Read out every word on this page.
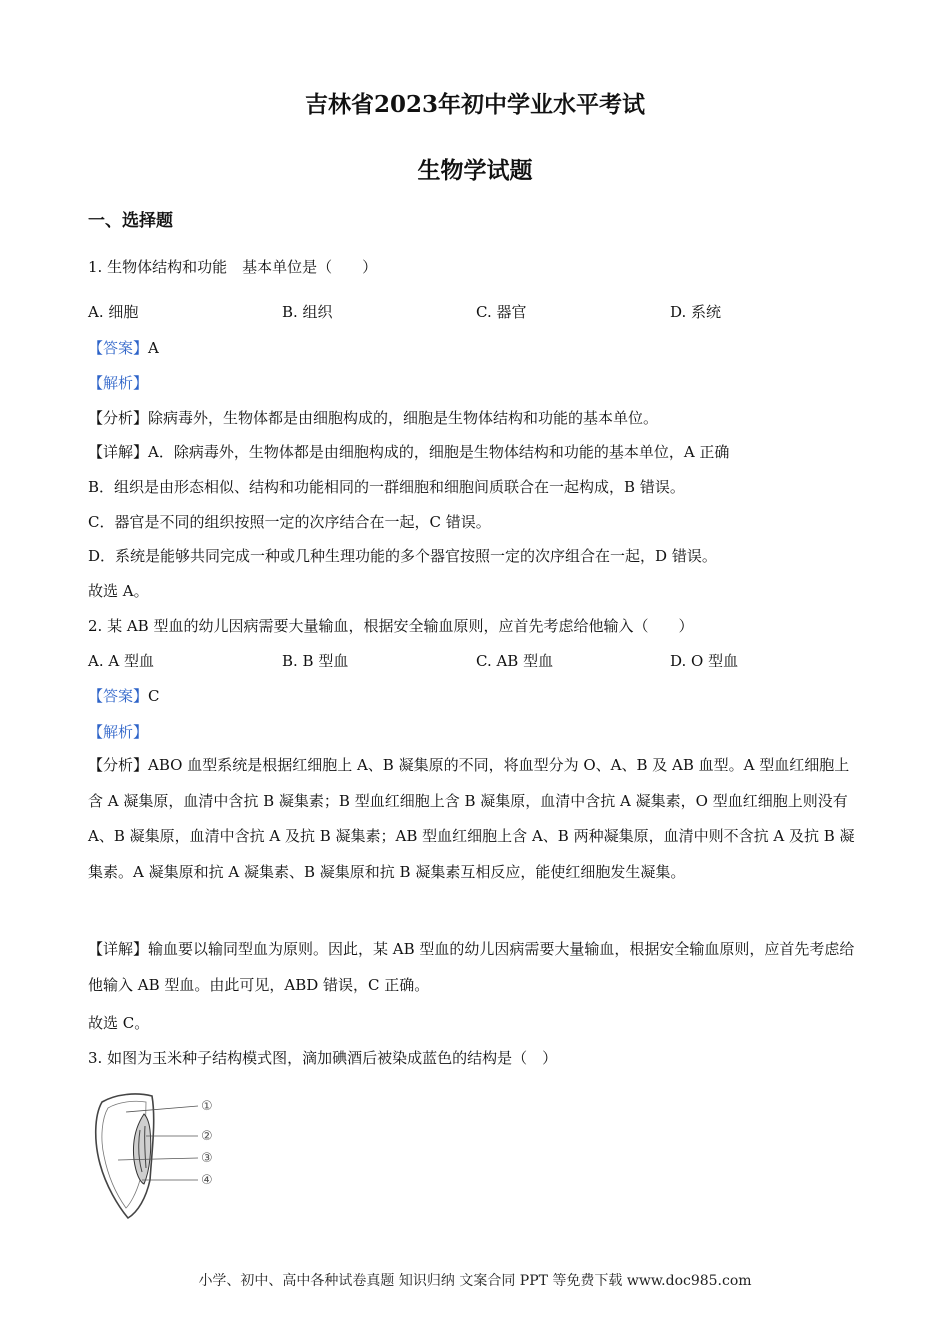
吉林省2023年初中学业水平考试
生物学试题
一、选择题
1. 生物体结构和功能　基本单位是（　　）
A. 细胞	B. 组织	C. 器官	D. 系统
【答案】A
【解析】
【分析】除病毒外，生物体都是由细胞构成的，细胞是生物体结构和功能的基本单位。
【详解】A．除病毒外，生物体都是由细胞构成的，细胞是生物体结构和功能的基本单位，A 正确
B．组织是由形态相似、结构和功能相同的一群细胞和细胞间质联合在一起构成，B 错误。
C．器官是不同的组织按照一定的次序结合在一起，C 错误。
D．系统是能够共同完成一种或几种生理功能的多个器官按照一定的次序组合在一起，D 错误。
故选 A。
2. 某 AB 型血的幼儿因病需要大量输血，根据安全输血原则，应首先考虑给他输入（　　）
A. A 型血	B. B 型血	C. AB 型血	D. O 型血
【答案】C
【解析】
【分析】ABO 血型系统是根据红细胞上 A、B 凝集原的不同，将血型分为 O、A、B 及 AB 血型。A 型血红细胞上含 A 凝集原，血清中含抗 B 凝集素；B 型血红细胞上含 B 凝集原，血清中含抗 A 凝集素，O 型血红细胞上则没有 A、B 凝集原，血清中含抗 A 及抗 B 凝集素；AB 型血红细胞上含 A、B 两种凝集原，血清中则不含抗 A 及抗 B 凝集素。A 凝集原和抗 A 凝集素、B 凝集原和抗 B 凝集素互相反应，能使红细胞发生凝集。
【详解】输血要以输同型血为原则。因此，某 AB 型血的幼儿因病需要大量输血，根据安全输血原则，应首先考虑给他输入 AB 型血。由此可见，ABD 错误，C 正确。
故选 C。
3. 如图为玉米种子结构模式图，滴加碘酒后被染成蓝色的结构是（　）
①
②
③
④
小学、初中、高中各种试卷真题 知识归纳 文案合同 PPT 等免费下载 www.doc985.com
